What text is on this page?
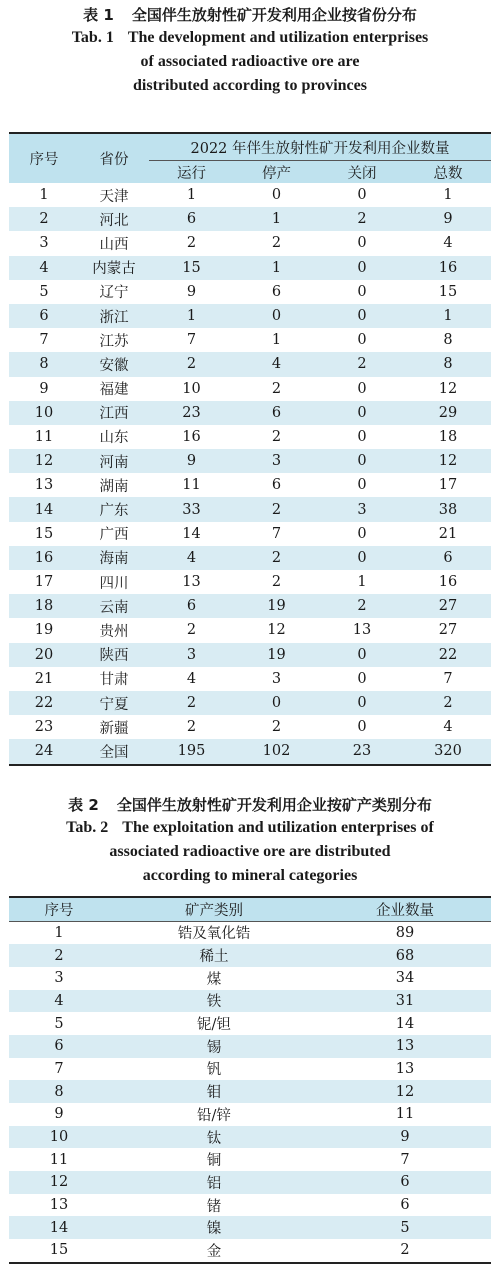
表 1 全国伴生放射性矿开发利用企业按省份分布
Tab. 1 The development and utilization enterprises
of associated radioactive ore are
distributed according to provinces
序号	省份	2022 年伴生放射性矿开发利用企业数量			
		运行	停产	关闭	总数
1	天津	1	0	0	1
2	河北	6	1	2	9
3	山西	2	2	0	4
4	内蒙古	15	1	0	16
5	辽宁	9	6	0	15
6	浙江	1	0	0	1
7	江苏	7	1	0	8
8	安徽	2	4	2	8
9	福建	10	2	0	12
10	江西	23	6	0	29
11	山东	16	2	0	18
12	河南	9	3	0	12
13	湖南	11	6	0	17
14	广东	33	2	3	38
15	广西	14	7	0	21
16	海南	4	2	0	6
17	四川	13	2	1	16
18	云南	6	19	2	27
19	贵州	2	12	13	27
20	陕西	3	19	0	22
21	甘肃	4	3	0	7
22	宁夏	2	0	0	2
23	新疆	2	2	0	4
24	全国	195	102	23	320
表 2 全国伴生放射性矿开发利用企业按矿产类别分布
Tab. 2 The exploitation and utilization enterprises of
associated radioactive ore are distributed
according to mineral categories
序号	矿产类别	企业数量
1	锆及氧化锆	89
2	稀土	68
3	煤	34
4	铁	31
5	铌/钽	14
6	锡	13
7	钒	13
8	钼	12
9	铅/锌	11
10	钛	9
11	铜	7
12	铝	6
13	锗	6
14	镍	5
15	金	2
